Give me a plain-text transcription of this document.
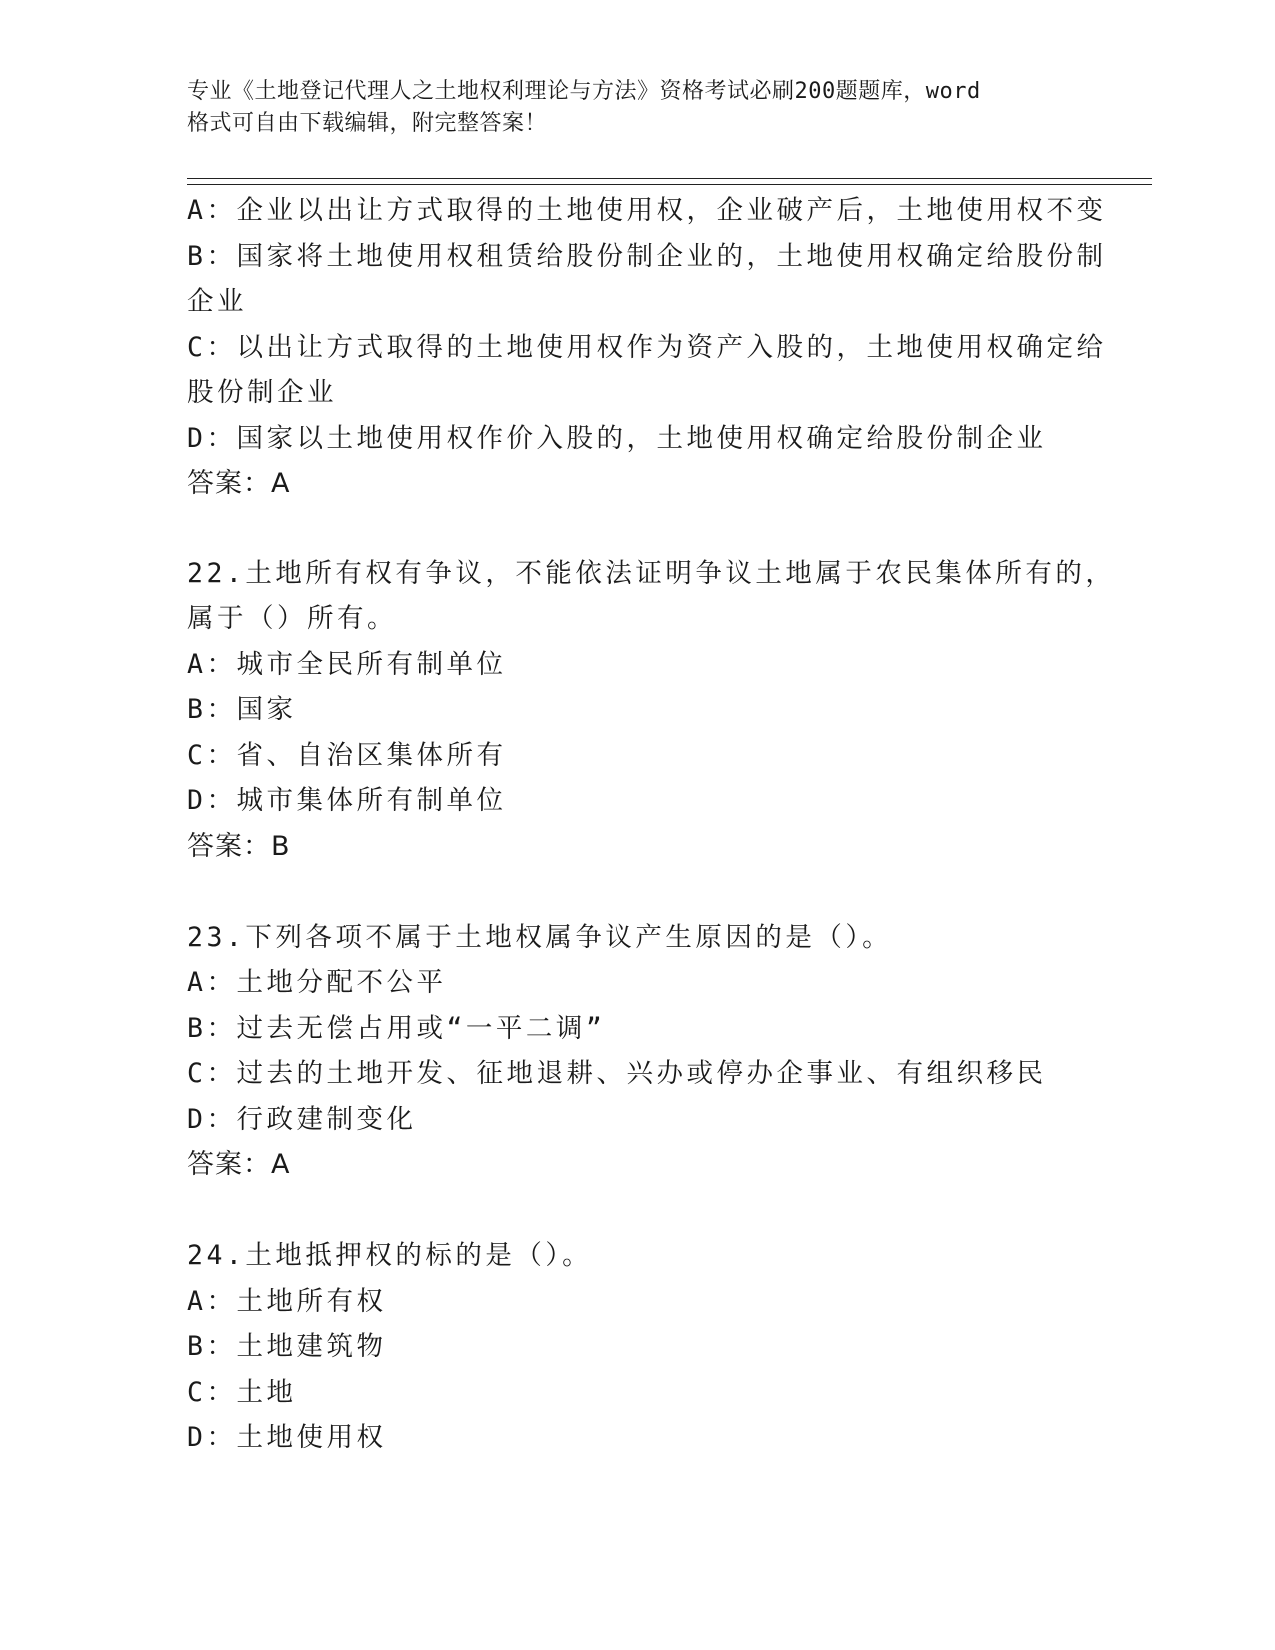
专业《土地登记代理人之土地权利理论与方法》资格考试必刷200题题库，word
格式可自由下载编辑，附完整答案！
A：企业以出让方式取得的土地使用权，企业破产后，土地使用权不变
B：国家将土地使用权租赁给股份制企业的，土地使用权确定给股份制
企业
C：以出让方式取得的土地使用权作为资产入股的，土地使用权确定给
股份制企业
D：国家以土地使用权作价入股的，土地使用权确定给股份制企业
答案：A
22.土地所有权有争议，不能依法证明争议土地属于农民集体所有的，
属于（）所有。
A：城市全民所有制单位
B：国家
C：省、自治区集体所有
D：城市集体所有制单位
答案：B
23.下列各项不属于土地权属争议产生原因的是（）。
A：土地分配不公平
B：过去无偿占用或“一平二调”
C：过去的土地开发、征地退耕、兴办或停办企事业、有组织移民
D：行政建制变化
答案：A
24.土地抵押权的标的是（）。
A：土地所有权
B：土地建筑物
C：土地
D：土地使用权
